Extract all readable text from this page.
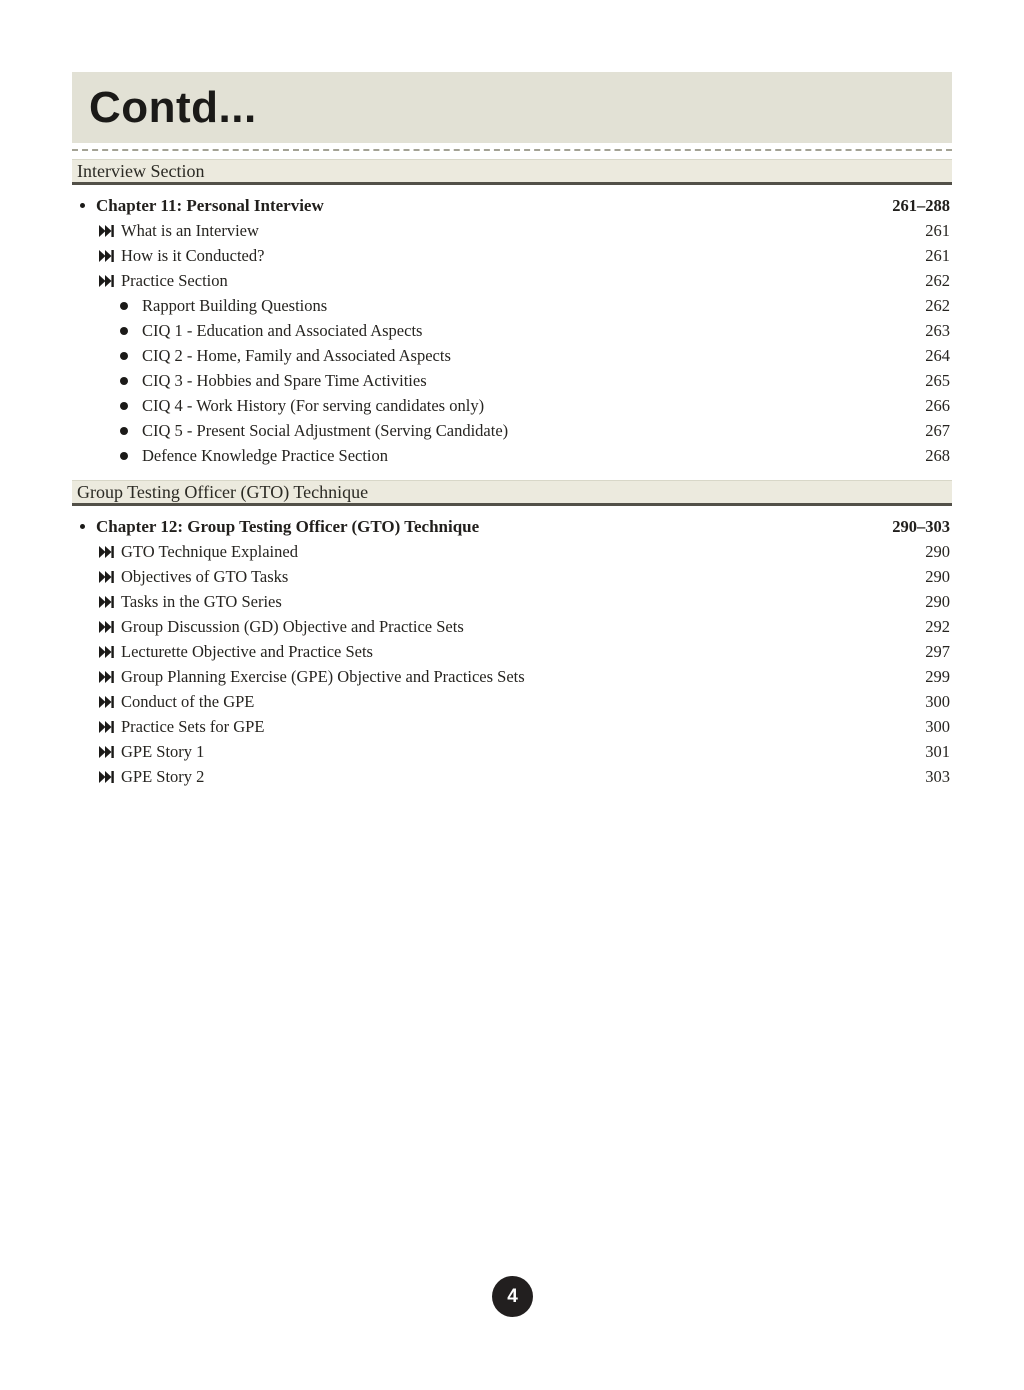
Contd...
Interview Section
Chapter 11: Personal Interview	261–288
What is an Interview	261
How is it Conducted?	261
Practice Section	262
Rapport Building Questions	262
CIQ 1 - Education and Associated Aspects	263
CIQ 2 - Home, Family and Associated Aspects	264
CIQ 3 - Hobbies and Spare Time Activities	265
CIQ 4 - Work History (For serving candidates only)	266
CIQ 5 - Present Social Adjustment (Serving Candidate)	267
Defence Knowledge Practice Section	268
Group Testing Officer (GTO) Technique
Chapter 12: Group Testing Officer (GTO) Technique	290–303
GTO Technique Explained	290
Objectives of GTO Tasks	290
Tasks in the GTO Series	290
Group Discussion (GD) Objective and Practice Sets	292
Lecturette Objective and Practice Sets	297
Group Planning Exercise (GPE) Objective and Practices Sets	299
Conduct of the GPE	300
Practice Sets for GPE	300
GPE Story 1	301
GPE Story 2	303
4
